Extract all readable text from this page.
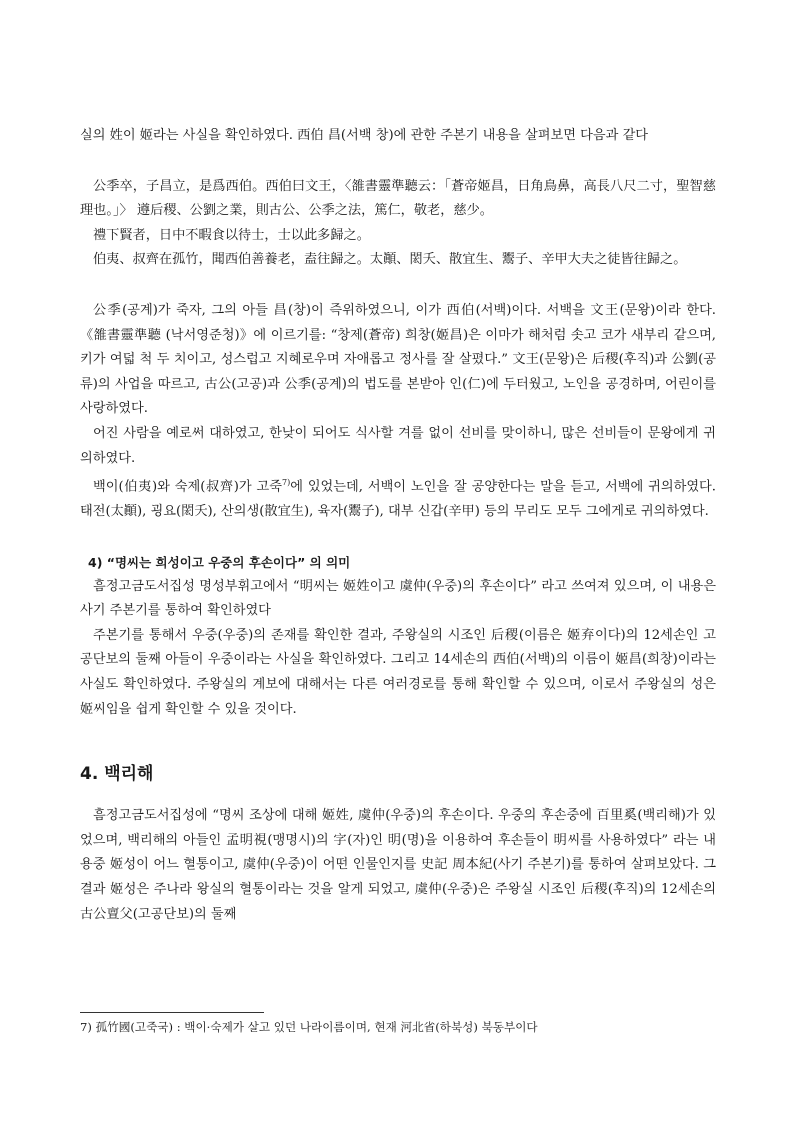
실의 姓이 姬라는 사실을 확인하였다. 西伯 昌(서백 창)에 관한 주본기 내용을 살펴보면 다음과 같다

公季卒，子昌立，是爲西伯。西伯曰文王，〈雒書靈準聽云：「蒼帝姬昌，日角鳥鼻，高長八尺二寸，聖智慈理也。」〉 遵后稷、公劉之業，則古公、公季之法，篤仁，敬老，慈少。

禮下賢者，日中不暇食以待士，士以此多歸之。

伯夷、叔齊在孤竹，聞西伯善養老，盍往歸之。太顚、閎夭、散宜生、鬻子、辛甲大夫之徒皆往歸之。

公季(공계)가 죽자, 그의 아들 昌(창)이 즉위하였으니, 이가 西伯(서백)이다. 서백을 文王(문왕)이라 한다. 《雒書靈準聽 (낙서영준청)》에 이르기를: “창제(蒼帝) 희창(姬昌)은 이마가 해처럼 솟고 코가 새부리 같으며, 키가 여덟 척 두 치이고, 성스럽고 지혜로우며 자애롭고 정사를 잘 살폈다.” 文王(문왕)은 后稷(후직)과 公劉(공류)의 사업을 따르고, 古公(고공)과 公季(공계)의 법도를 본받아 인(仁)에 두터웠고, 노인을 공경하며, 어린이를 사랑하였다.

어진 사람을 예로써 대하였고, 한낮이 되어도 식사할 겨를 없이 선비를 맞이하니, 많은 선비들이 문왕에게 귀의하였다.

백이(伯夷)와 숙제(叔齊)가 고죽$^{7)}$에 있었는데, 서백이 노인을 잘 공양한다는 말을 듣고, 서백에 귀의하였다. 태전(太顚), 굉요(閎夭), 산의생(散宜生), 육자(鬻子), 대부 신갑(辛甲) 등의 무리도 모두 그에게로 귀의하였다.

4) “명씨는 희성이고 우중의 후손이다” 의 의미

흠정고금도서집성 명성부휘고에서 “明씨는 姬姓이고 虞仲(우중)의 후손이다” 라고 쓰여져 있으며, 이 내용은 사기 주본기를 통하여 확인하였다

주본기를 통해서 우중(우중)의 존재를 확인한 결과, 주왕실의 시조인 后稷(이름은 姬弃이다)의 12세손인 고공단보의 둘째 아들이 우중이라는 사실을 확인하였다. 그리고 14세손의 西伯(서백)의 이름이 姬昌(희창)이라는 사실도 확인하였다. 주왕실의 계보에 대해서는 다른 여러경로를 통해 확인할 수 있으며, 이로서 주왕실의 성은 姬씨임을 쉽게 확인할 수 있을 것이다.

4. 백리해

흠정고금도서집성에 “명씨 조상에 대해 姬姓, 虞仲(우중)의 후손이다. 우중의 후손중에 百里奚(백리해)가 있었으며, 백리해의 아들인 孟明視(맹명시)의 字(자)인 明(명)을 이용하여 후손들이 明씨를 사용하였다” 라는 내용중 姬성이 어느 혈통이고, 虞仲(우중)이 어떤 인물인지를 史記 周本紀(사기 주본기)를 통하여 살펴보았다. 그 결과 姬성은 주나라 왕실의 혈통이라는 것을 알게 되었고, 虞仲(우중)은 주왕실 시조인 后稷(후직)의 12세손의 古公亶父(고공단보)의 둘째

7) 孤竹國(고죽국) : 백이·숙제가 살고 있던 나라이름이며, 현재 河北省(하북성) 북동부이다
